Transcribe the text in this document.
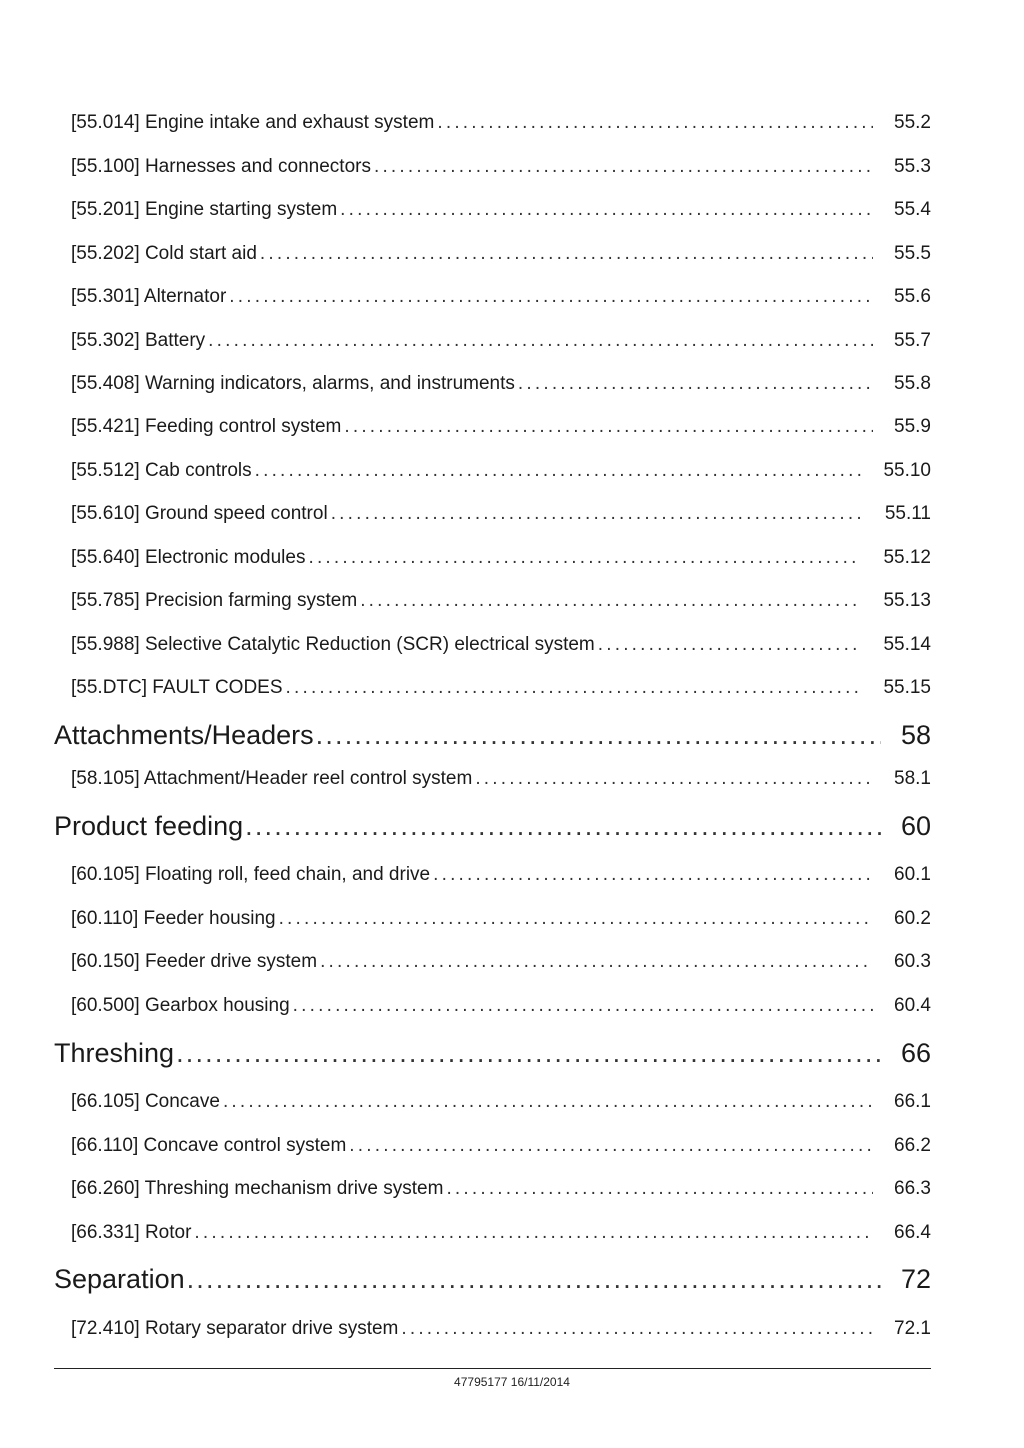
[55.014] Engine intake and exhaust system .....	55.2
[55.100] Harnesses and connectors .....	55.3
[55.201] Engine starting system .....	55.4
[55.202] Cold start aid .....	55.5
[55.301] Alternator .....	55.6
[55.302] Battery .....	55.7
[55.408] Warning indicators, alarms, and instruments .....	55.8
[55.421] Feeding control system .....	55.9
[55.512] Cab controls .....	55.10
[55.610] Ground speed control .....	55.11
[55.640] Electronic modules .....	55.12
[55.785] Precision farming system .....	55.13
[55.988] Selective Catalytic Reduction (SCR) electrical system .....	55.14
[55.DTC] FAULT CODES .....	55.15
Attachments/Headers .....	58
[58.105] Attachment/Header reel control system .....	58.1
Product feeding .....	60
[60.105] Floating roll, feed chain, and drive .....	60.1
[60.110] Feeder housing .....	60.2
[60.150] Feeder drive system .....	60.3
[60.500] Gearbox housing .....	60.4
Threshing .....	66
[66.105] Concave .....	66.1
[66.110] Concave control system .....	66.2
[66.260] Threshing mechanism drive system .....	66.3
[66.331] Rotor .....	66.4
Separation .....	72
[72.410] Rotary separator drive system .....	72.1
47795177 16/11/2014
